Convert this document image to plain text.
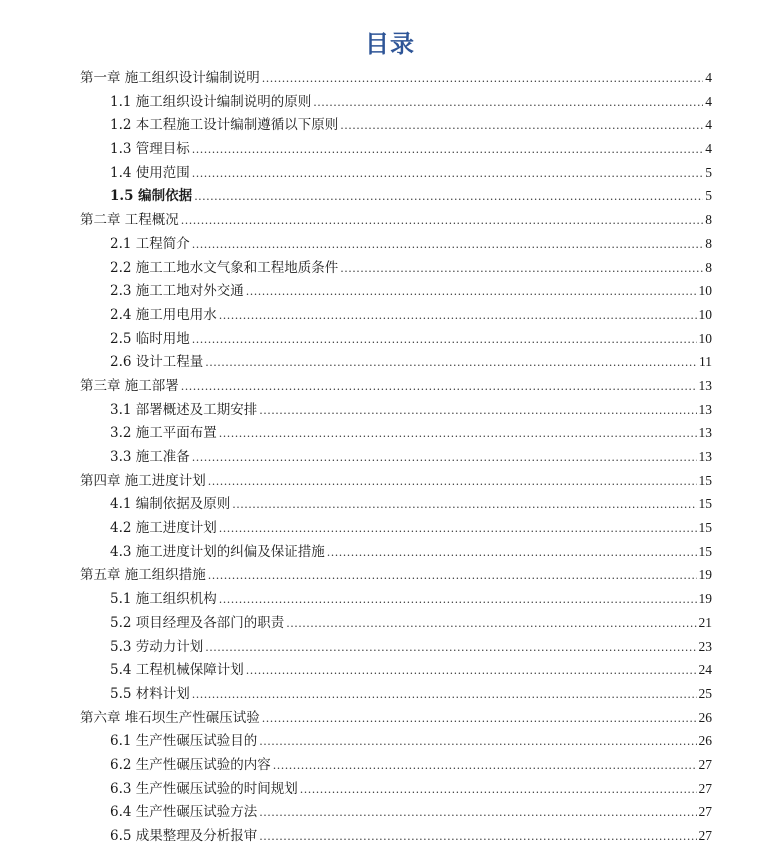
目录
第一章 施工组织设计编制说明 .....	4
1.1 施工组织设计编制说明的原则 .....	4
1.2 本工程施工设计编制遵循以下原则 .....	4
1.3 管理目标 .....	4
1.4 使用范围 .....	5
1.5 编制依据 .....	5
第二章 工程概况 .....	8
2.1 工程简介 .....	8
2.2 施工工地水文气象和工程地质条件 .....	8
2.3 施工工地对外交通 .....	10
2.4 施工用电用水 .....	10
2.5 临时用地 .....	10
2.6 设计工程量 .....	11
第三章 施工部署 .....	13
3.1 部署概述及工期安排 .....	13
3.2 施工平面布置 .....	13
3.3 施工准备 .....	13
第四章 施工进度计划 .....	15
4.1 编制依据及原则 .....	15
4.2 施工进度计划 .....	15
4.3 施工进度计划的纠偏及保证措施 .....	15
第五章 施工组织措施 .....	19
5.1 施工组织机构 .....	19
5.2 项目经理及各部门的职责 .....	21
5.3 劳动力计划 .....	23
5.4 工程机械保障计划 .....	24
5.5 材料计划 .....	25
第六章 堆石坝生产性碾压试验 .....	26
6.1 生产性碾压试验目的 .....	26
6.2 生产性碾压试验的内容 .....	27
6.3 生产性碾压试验的时间规划 .....	27
6.4 生产性碾压试验方法 .....	27
6.5 成果整理及分析报审 .....	27
